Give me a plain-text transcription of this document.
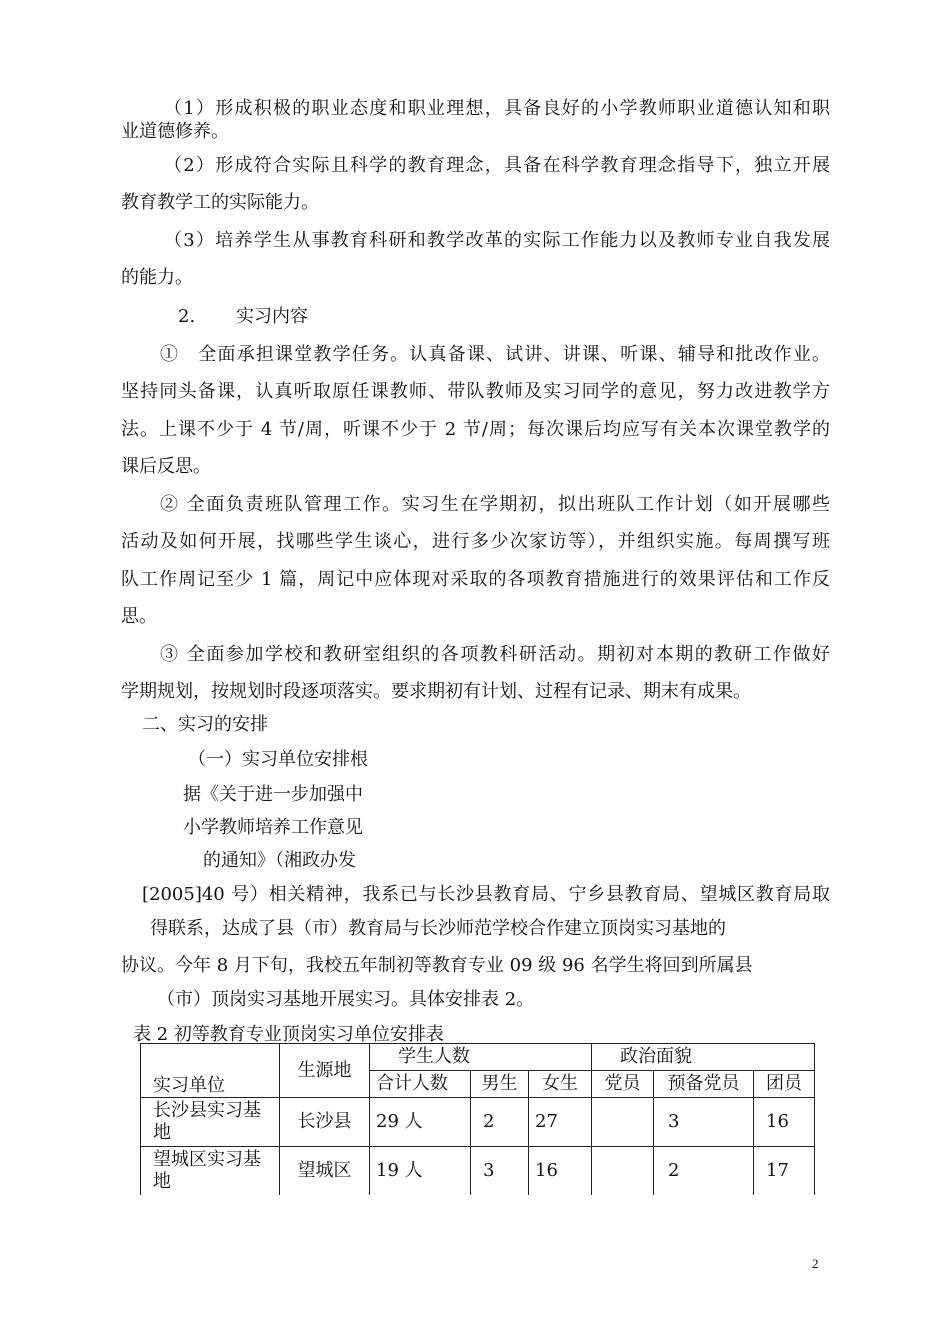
（1）形成积极的职业态度和职业理想，具备良好的小学教师职业道德认知和职
业道德修养。
（2）形成符合实际且科学的教育理念，具备在科学教育理念指导下，独立开展
教育教学工的实际能力。
（3）培养学生从事教育科研和教学改革的实际工作能力以及教师专业自我发展
的能力。
2. 实习内容
①　全面承担课堂教学任务。认真备课、试讲、讲课、听课、辅导和批改作业。
坚持同头备课，认真听取原任课教师、带队教师及实习同学的意见，努力改进教学方
法。上课不少于 4 节/周，听课不少于 2 节/周；每次课后均应写有关本次课堂教学的
课后反思。
② 全面负责班队管理工作。实习生在学期初，拟出班队工作计划（如开展哪些
活动及如何开展，找哪些学生谈心，进行多少次家访等），并组织实施。每周撰写班
队工作周记至少 1 篇，周记中应体现对采取的各项教育措施进行的效果评估和工作反
思。
③ 全面参加学校和教研室组织的各项教科研活动。期初对本期的教研工作做好
学期规划，按规划时段逐项落实。要求期初有计划、过程有记录、期末有成果。
二、实习的安排
（一）实习单位安排根
据《关于进一步加强中
小学教师培养工作意见
的通知》（湘政办发
[2005]40 号）相关精神，我系已与长沙县教育局、宁乡县教育局、望城区教育局取
得联系，达成了县（市）教育局与长沙师范学校合作建立顶岗实习基地的
协议。今年 8 月下旬，我校五年制初等教育专业 09 级 96 名学生将回到所属县
（市）顶岗实习基地开展实习。具体安排表 2。
表 2 初等教育专业顶岗实习单位安排表
实习单位	生源地	学生人数			政治面貌		
		合计人数	男生	女生	党员	预备党员	团员

长沙县实习基
地	长沙县	29 人	2	27		3	16

望城区实习基
地	望城区	19 人	3	16		2	17
2
